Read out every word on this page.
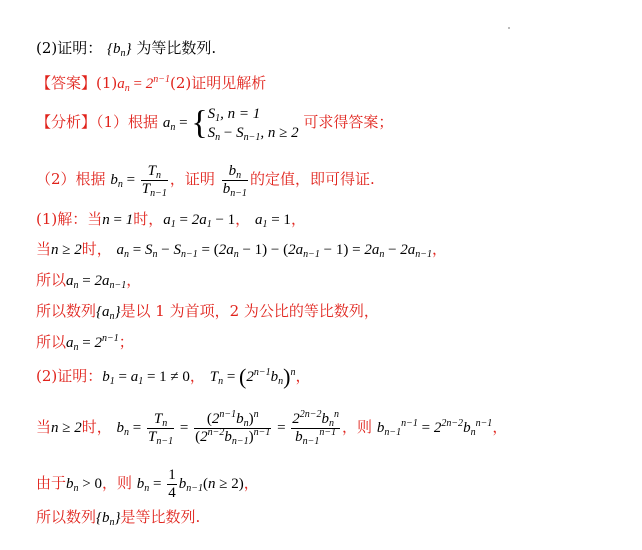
(2)证明： $\{b_n\}$ 为等比数列.
【答案】$(1)a_n = 2^{n-1}(2)$证明见解析
【分析】（1）根据 $a_n = \{S_1$, n = 1
$S_n - S_{n-1}$, n ≥ 2 可求得答案；
（2）根据 $b_n = \frac{T_n}{T_{n-1}}$ ，证明 $\frac{b_n}{b_{n-1}}$ 的定值，即可得证.
(1)解：当n = 1时，$a_1 = 2a_1 - 1$， $a_1 = 1$，
当n ≥ 2时， $a_n = S_n - S_{n-1} = (2a_n - 1) - (2a_{n-1} - 1) = 2a_n - 2a_{n-1}$，
所以$a_n = 2a_{n-1}$，
所以数列$\{a_n\}$是以 1 为首项，2 为公比的等比数列，
所以$a_n = 2^{n-1}$；
(2)证明：$b_1 = a_1 = 1 \ne 0$， $T_n = (2^{n-1}b_n)^n$，
当n ≥ 2时， $b_n = \frac{T_n}{T_{n-1}} = \frac{(2^{n-1}b_n)^n}{(2^{n-2}b_{n-1})^{n-1}} = \frac{2^{2n-2}b_n^n}{b_{n-1}^{n-1}}$ ，则 $b_{n-1}^{n-1} = 2^{2n-2}b_n^{n-1}$，
由于$b_n > 0$，则 $b_n = \frac{1}{4} b_{n-1}(n \ge 2)$，
所以数列$\{b_n\}$是等比数列.
